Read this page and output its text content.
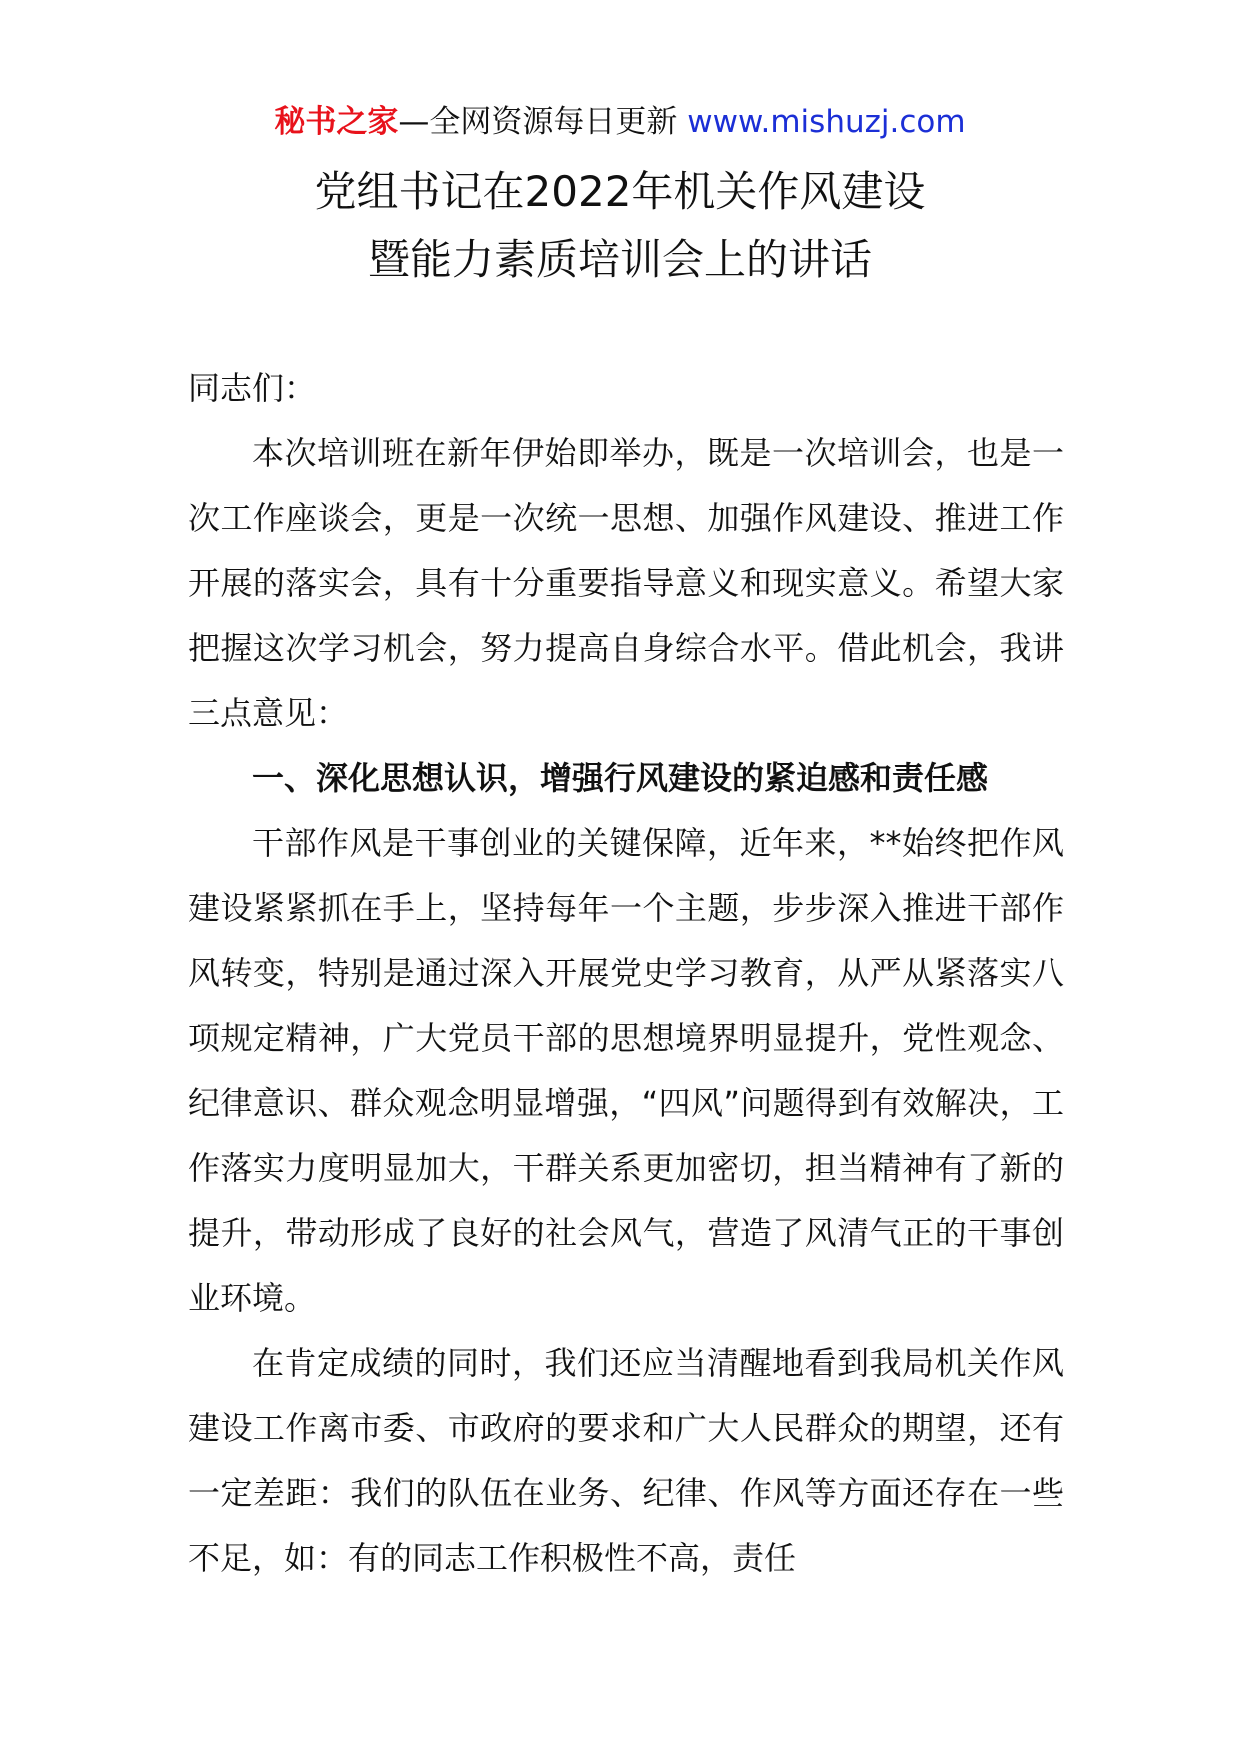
秘书之家—全网资源每日更新 www.mishuzj.com
党组书记在2022年机关作风建设
暨能力素质培训会上的讲话

同志们：

本次培训班在新年伊始即举办，既是一次培训会，也是一次工作座谈会，更是一次统一思想、加强作风建设、推进工作开展的落实会，具有十分重要指导意义和现实意义。希望大家把握这次学习机会，努力提高自身综合水平。借此机会，我讲三点意见：

一、深化思想认识，增强行风建设的紧迫感和责任感

干部作风是干事创业的关键保障，近年来，**始终把作风建设紧紧抓在手上，坚持每年一个主题，步步深入推进干部作风转变，特别是通过深入开展党史学习教育，从严从紧落实八项规定精神，广大党员干部的思想境界明显提升，党性观念、纪律意识、群众观念明显增强，“四风”问题得到有效解决，工作落实力度明显加大，干群关系更加密切，担当精神有了新的提升，带动形成了良好的社会风气，营造了风清气正的干事创业环境。

在肯定成绩的同时，我们还应当清醒地看到我局机关作风建设工作离市委、市政府的要求和广大人民群众的期望，还有一定差距：我们的队伍在业务、纪律、作风等方面还存在一些不足，如：有的同志工作积极性不高，责任
